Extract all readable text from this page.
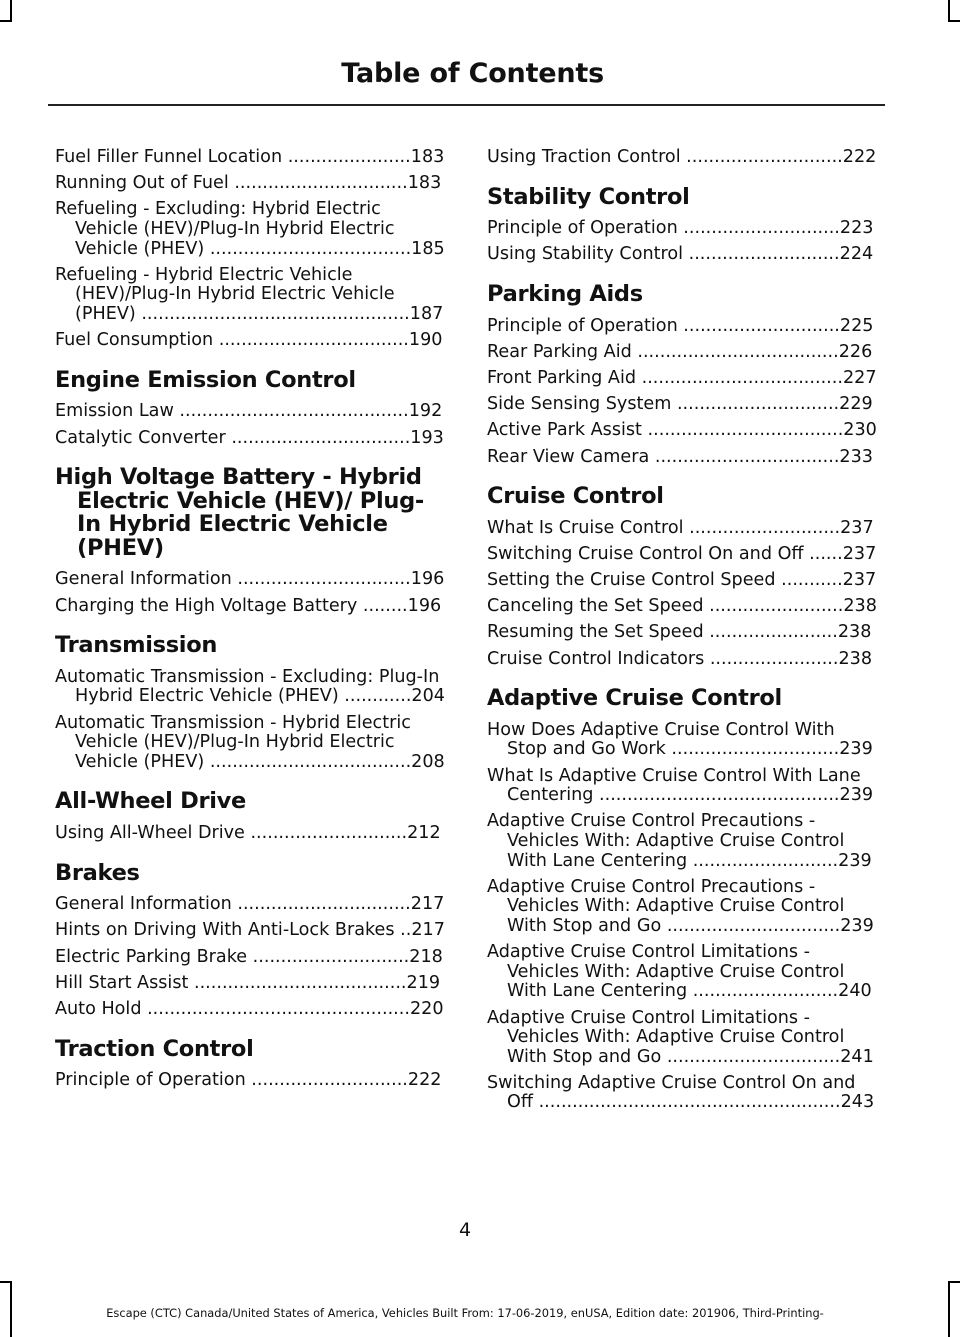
Table of Contents
Fuel Filler Funnel Location ......................183
Running Out of Fuel ...............................183
Refueling - Excluding: Hybrid Electric Vehicle (HEV)/Plug-In Hybrid Electric Vehicle (PHEV) ....................................185
Refueling - Hybrid Electric Vehicle (HEV)/Plug-In Hybrid Electric Vehicle (PHEV) ................................................187
Fuel Consumption ..................................190
Engine Emission Control
Emission Law .........................................192
Catalytic Converter ................................193
High Voltage Battery - Hybrid Electric Vehicle (HEV)/ Plug-In Hybrid Electric Vehicle (PHEV)
General Information ...............................196
Charging the High Voltage Battery ........196
Transmission
Automatic Transmission - Excluding: Plug-In Hybrid Electric Vehicle (PHEV) ............204
Automatic Transmission - Hybrid Electric Vehicle (HEV)/Plug-In Hybrid Electric Vehicle (PHEV) ....................................208
All-Wheel Drive
Using All-Wheel Drive ............................212
Brakes
General Information ...............................217
Hints on Driving With Anti-Lock Brakes ..217
Electric Parking Brake ............................218
Hill Start Assist ......................................219
Auto Hold ...............................................220
Traction Control
Principle of Operation ............................222
Using Traction Control ............................222
Stability Control
Principle of Operation ............................223
Using Stability Control ...........................224
Parking Aids
Principle of Operation ............................225
Rear Parking Aid ....................................226
Front Parking Aid ....................................227
Side Sensing System .............................229
Active Park Assist ...................................230
Rear View Camera .................................233
Cruise Control
What Is Cruise Control ...........................237
Switching Cruise Control On and Off ......237
Setting the Cruise Control Speed ...........237
Canceling the Set Speed ........................238
Resuming the Set Speed .......................238
Cruise Control Indicators .......................238
Adaptive Cruise Control
How Does Adaptive Cruise Control With Stop and Go Work ..............................239
What Is Adaptive Cruise Control With Lane Centering ...........................................239
Adaptive Cruise Control Precautions - Vehicles With: Adaptive Cruise Control With Lane Centering ..........................239
Adaptive Cruise Control Precautions - Vehicles With: Adaptive Cruise Control With Stop and Go ...............................239
Adaptive Cruise Control Limitations - Vehicles With: Adaptive Cruise Control With Lane Centering ..........................240
Adaptive Cruise Control Limitations - Vehicles With: Adaptive Cruise Control With Stop and Go ...............................241
Switching Adaptive Cruise Control On and Off ......................................................243
4
Escape (CTC) Canada/United States of America, Vehicles Built From: 17-06-2019, enUSA, Edition date: 201906, Third-Printing-
